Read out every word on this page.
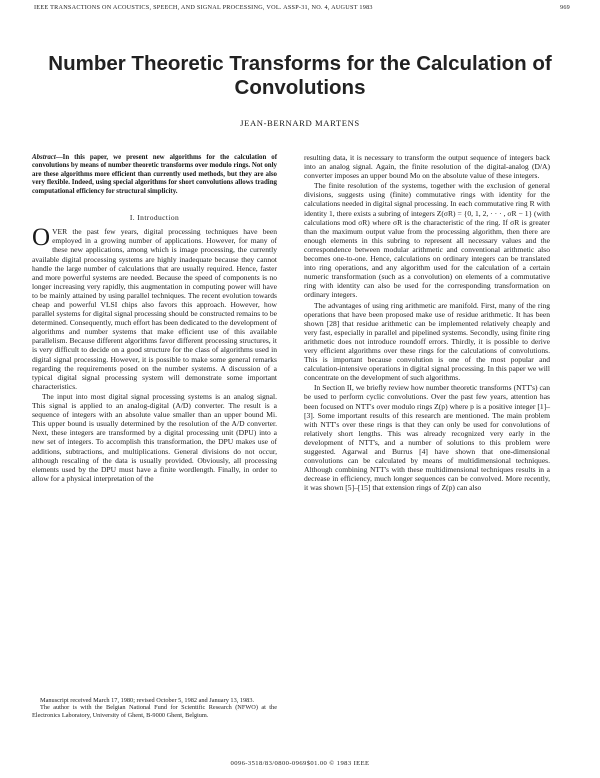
IEEE TRANSACTIONS ON ACOUSTICS, SPEECH, AND SIGNAL PROCESSING, VOL. ASSP-31, NO. 4, AUGUST 1983	969
Number Theoretic Transforms for the Calculation of Convolutions
JEAN-BERNARD MARTENS

Abstract—In this paper, we present new algorithms for the calculation of convolutions by means of number theoretic transforms over modulo rings. Not only are these algorithms more efficient than currently used methods, but they are also very flexible. Indeed, using special algorithms for short convolutions allows trading computational efficiency for structural simplicity.

I. Introduction

OVER the past few years, digital processing techniques have been employed in a growing number of applications. However, for many of these new applications, among which is image processing, the currently available digital processing systems are highly inadequate because they cannot handle the large number of calculations that are usually required. Hence, faster and more powerful systems are needed. Because the speed of components is no longer increasing very rapidly, this augmentation in computing power will have to be mainly attained by using parallel techniques. The recent evolution towards cheap and powerful VLSI chips also favors this approach. However, how parallel systems for digital signal processing should be constructed remains to be determined. Consequently, much effort has been dedicated to the development of algorithms and number systems that make efficient use of this available parallelism. Because different algorithms favor different processing structures, it is very difficult to decide on a good structure for the class of algorithms used in digital signal processing. However, it is possible to make some general remarks regarding the requirements posed on the number systems. A discussion of a typical digital signal processing system will demonstrate some important characteristics.

The input into most digital signal processing systems is an analog signal. This signal is applied to an analog-digital (A/D) converter. The result is a sequence of integers with an absolute value smaller than an upper bound Mi. This upper bound is usually determined by the resolution of the A/D converter. Next, these integers are transformed by a digital processing unit (DPU) into a new set of integers. To accomplish this transformation, the DPU makes use of additions, subtractions, and multiplications. General divisions do not occur, although rescaling of the data is usually provided. Obviously, all processing elements used by the DPU must have a finite wordlength. Finally, in order to allow for a physical interpretation of the

resulting data, it is necessary to transform the output sequence of integers back into an analog signal. Again, the finite resolution of the digital-analog (D/A) converter imposes an upper bound Mo on the absolute value of these integers.

The finite resolution of the systems, together with the exclusion of general divisions, suggests using (finite) commutative rings with identity for the calculations needed in digital signal processing. In each commutative ring R with identity 1, there exists a subring of integers Z(σR) = {0, 1, 2, · · · , σR − 1} (with calculations mod σR) where σR is the characteristic of the ring. If σR is greater than the maximum output value from the processing algorithm, then there are enough elements in this subring to represent all necessary values and the correspondence between modular arithmetic and conventional arithmetic also becomes one-to-one. Hence, calculations on ordinary integers can be translated into ring operations, and any algorithm used for the calculation of a certain numeric transformation (such as a convolution) on elements of a commutative ring with identity can also be used for the corresponding transformation on ordinary integers.

The advantages of using ring arithmetic are manifold. First, many of the ring operations that have been proposed make use of residue arithmetic. It has been shown [28] that residue arithmetic can be implemented relatively cheaply and very fast, especially in parallel and pipelined systems. Secondly, using finite ring arithmetic does not introduce roundoff errors. Thirdly, it is possible to derive very efficient algorithms over these rings for the calculations of convolutions. This is important because convolution is one of the most popular and calculation-intensive operations in digital signal processing. In this paper we will concentrate on the development of such algorithms.

In Section II, we briefly review how number theoretic transforms (NTT's) can be used to perform cyclic convolutions. Over the past few years, attention has been focused on NTT's over modulo rings Z(p) where p is a positive integer [1]–[3]. Some important results of this research are mentioned. The main problem with NTT's over these rings is that they can only be used for convolutions of relatively short lengths. This was already recognized very early in the development of NTT's, and a number of solutions to this problem were suggested. Agarwal and Burrus [4] have shown that one-dimensional convolutions can be calculated by means of multidimensional techniques. Although combining NTT's with these multidimensional techniques results in a decrease in efficiency, much longer sequences can be convolved. More recently, it was shown [5]–[15] that extension rings of Z(p) can also

Manuscript received March 17, 1980; revised October 5, 1982 and January 13, 1983.

The author is with the Belgian National Fund for Scientific Research (NFWO) at the Electronics Laboratory, University of Ghent, B-9000 Ghent, Belgium.

0096-3518/83/0800-0969$01.00 © 1983 IEEE
